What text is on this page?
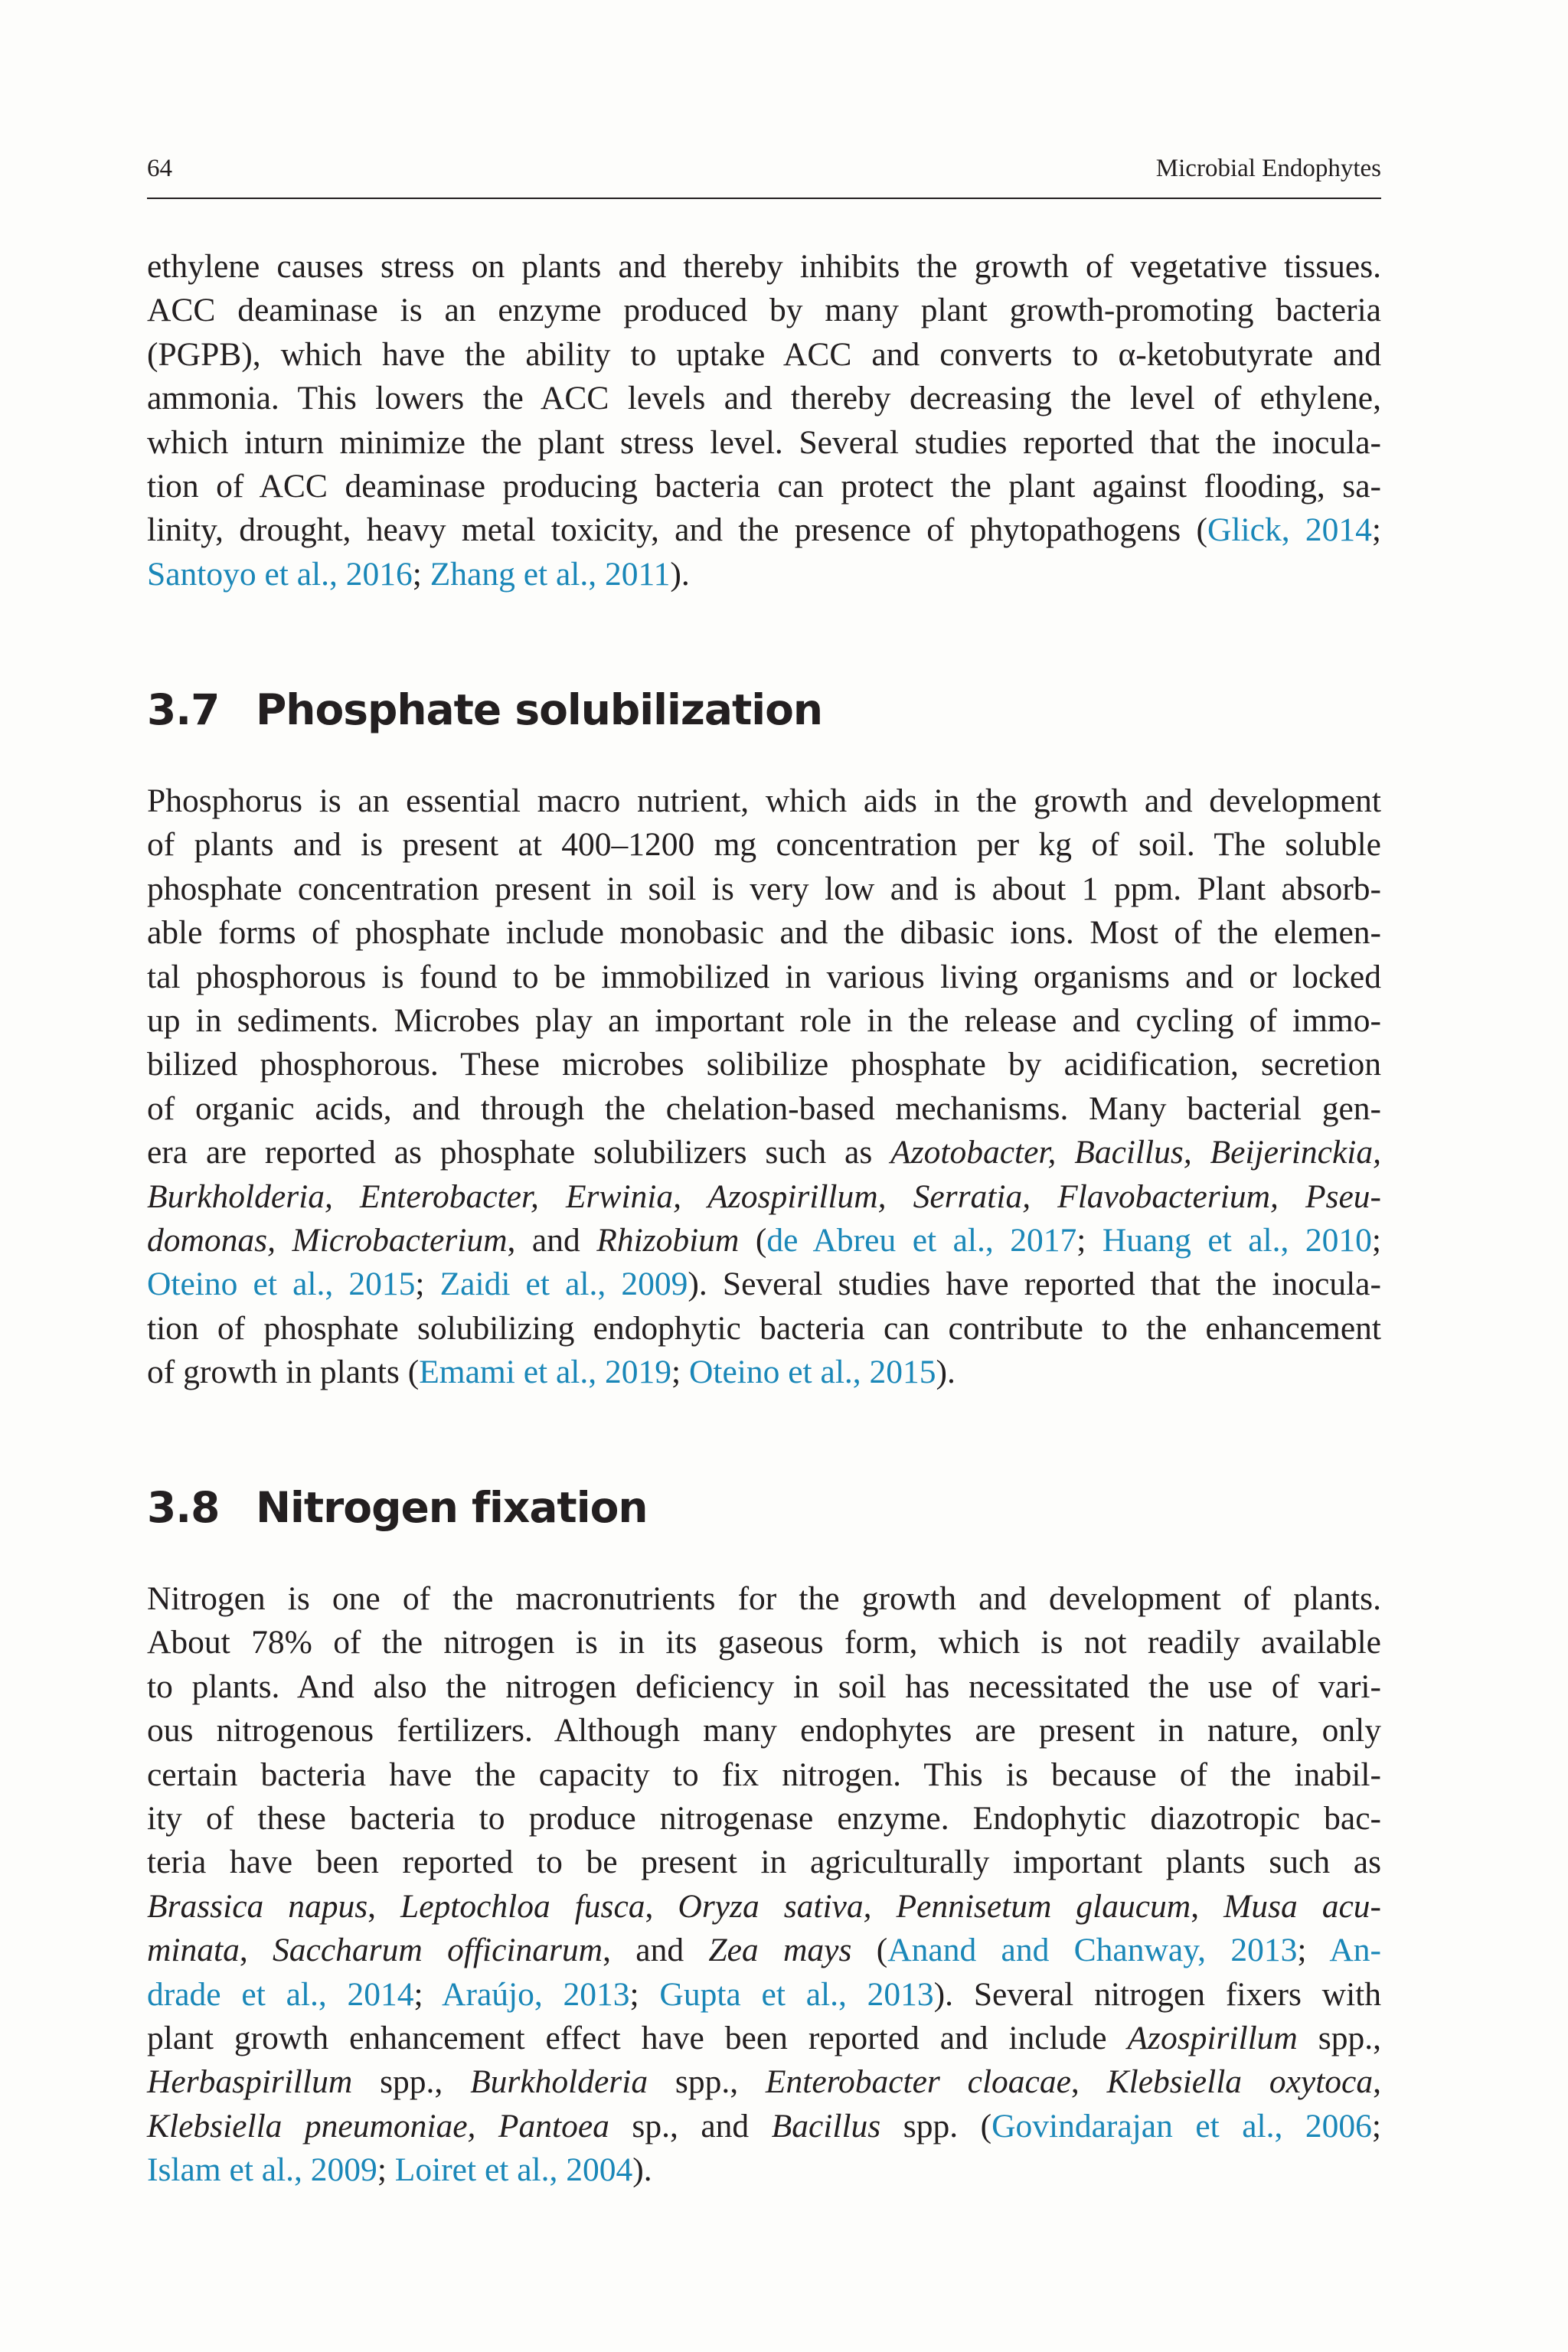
64	Microbial Endophytes
ethylene causes stress on plants and thereby inhibits the growth of vegetative tissues.
ACC deaminase is an enzyme produced by many plant growth-promoting bacteria
(PGPB), which have the ability to uptake ACC and converts to α-ketobutyrate and
ammonia. This lowers the ACC levels and thereby decreasing the level of ethylene,
which inturn minimize the plant stress level. Several studies reported that the inocula-
tion of ACC deaminase producing bacteria can protect the plant against flooding, sa-
linity, drought, heavy metal toxicity, and the presence of phytopathogens (Glick, 2014;
Santoyo et al., 2016; Zhang et al., 2011).
3.7 Phosphate solubilization
Phosphorus is an essential macro nutrient, which aids in the growth and development
of plants and is present at 400–1200 mg concentration per kg of soil. The soluble
phosphate concentration present in soil is very low and is about 1 ppm. Plant absorb-
able forms of phosphate include monobasic and the dibasic ions. Most of the elemen-
tal phosphorous is found to be immobilized in various living organisms and or locked
up in sediments. Microbes play an important role in the release and cycling of immo-
bilized phosphorous. These microbes solibilize phosphate by acidification, secretion
of organic acids, and through the chelation-based mechanisms. Many bacterial gen-
era are reported as phosphate solubilizers such as Azotobacter, Bacillus, Beijerinckia,
Burkholderia, Enterobacter, Erwinia, Azospirillum, Serratia, Flavobacterium, Pseu-
domonas, Microbacterium, and Rhizobium (de Abreu et al., 2017; Huang et al., 2010;
Oteino et al., 2015; Zaidi et al., 2009). Several studies have reported that the inocula-
tion of phosphate solubilizing endophytic bacteria can contribute to the enhancement
of growth in plants (Emami et al., 2019; Oteino et al., 2015).
3.8 Nitrogen fixation
Nitrogen is one of the macronutrients for the growth and development of plants.
About 78% of the nitrogen is in its gaseous form, which is not readily available
to plants. And also the nitrogen deficiency in soil has necessitated the use of vari-
ous nitrogenous fertilizers. Although many endophytes are present in nature, only
certain bacteria have the capacity to fix nitrogen. This is because of the inabil-
ity of these bacteria to produce nitrogenase enzyme. Endophytic diazotropic bac-
teria have been reported to be present in agriculturally important plants such as
Brassica napus, Leptochloa fusca, Oryza sativa, Pennisetum glaucum, Musa acu-
minata, Saccharum officinarum, and Zea mays (Anand and Chanway, 2013; An-
drade et al., 2014; Araújo, 2013; Gupta et al., 2013). Several nitrogen fixers with
plant growth enhancement effect have been reported and include Azospirillum spp.,
Herbaspirillum spp., Burkholderia spp., Enterobacter cloacae, Klebsiella oxytoca,
Klebsiella pneumoniae, Pantoea sp., and Bacillus spp. (Govindarajan et al., 2006;
Islam et al., 2009; Loiret et al., 2004).
